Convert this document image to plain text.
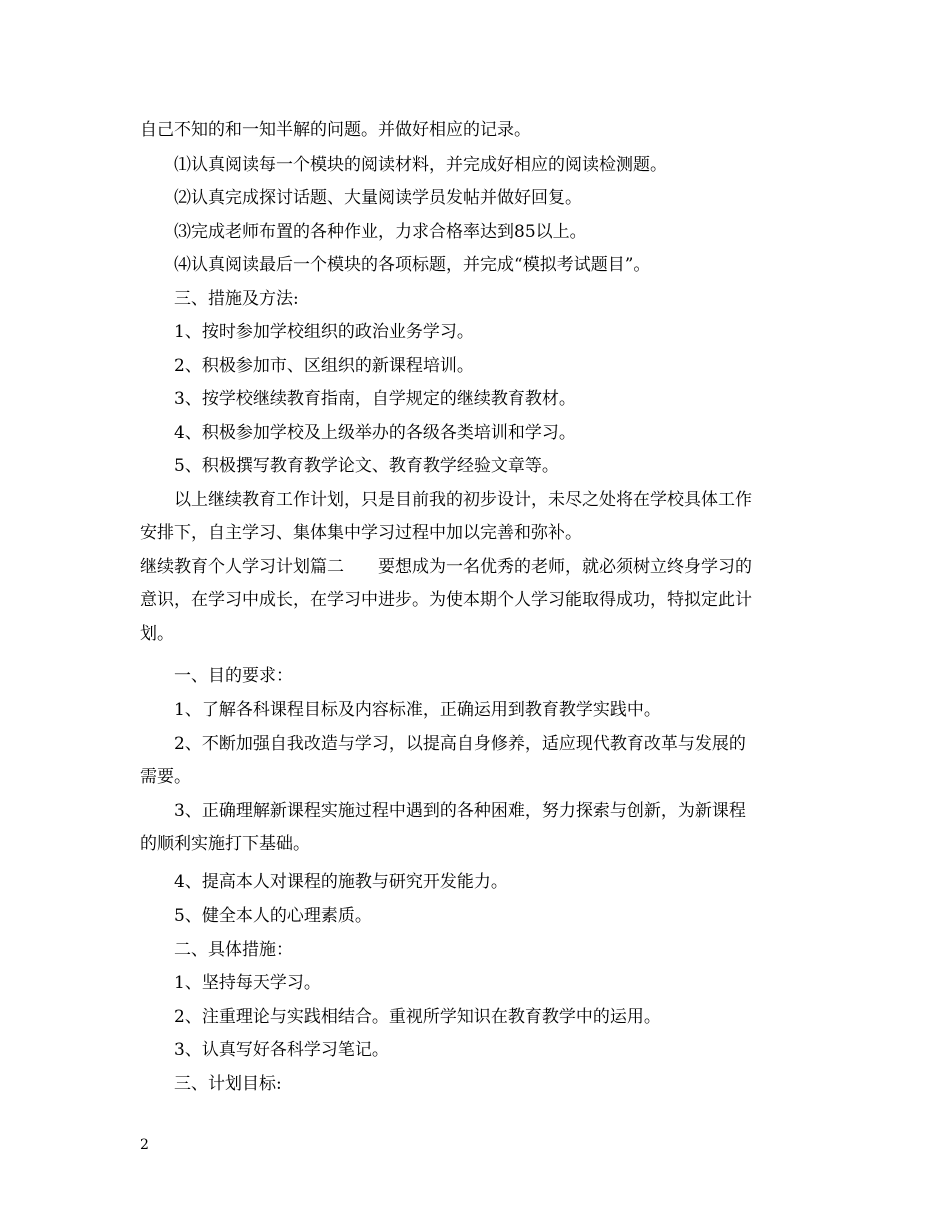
自己不知的和一知半解的问题。并做好相应的记录。
⑴认真阅读每一个模块的阅读材料，并完成好相应的阅读检测题。
⑵认真完成探讨话题、大量阅读学员发帖并做好回复。
⑶完成老师布置的各种作业，力求合格率达到85以上。
⑷认真阅读最后一个模块的各项标题，并完成“模拟考试题目”。
三、措施及方法:
1、按时参加学校组织的政治业务学习。
2、积极参加市、区组织的新课程培训。
3、按学校继续教育指南，自学规定的继续教育教材。
4、积极参加学校及上级举办的各级各类培训和学习。
5、积极撰写教育教学论文、教育教学经验文章等。
以上继续教育工作计划，只是目前我的初步设计，未尽之处将在学校具体工作
安排下，自主学习、集体集中学习过程中加以完善和弥补。
继续教育个人学习计划篇二　　要想成为一名优秀的老师，就必须树立终身学习的
意识，在学习中成长，在学习中进步。为使本期个人学习能取得成功，特拟定此计
划。
一、目的要求：
1、了解各科课程目标及内容标准，正确运用到教育教学实践中。
2、不断加强自我改造与学习，以提高自身修养，适应现代教育改革与发展的
需要。
3、正确理解新课程实施过程中遇到的各种困难，努力探索与创新，为新课程
的顺利实施打下基础。
4、提高本人对课程的施教与研究开发能力。
5、健全本人的心理素质。
二、具体措施：
1、坚持每天学习。
2、注重理论与实践相结合。重视所学知识在教育教学中的运用。
3、认真写好各科学习笔记。
三、计划目标:
2
